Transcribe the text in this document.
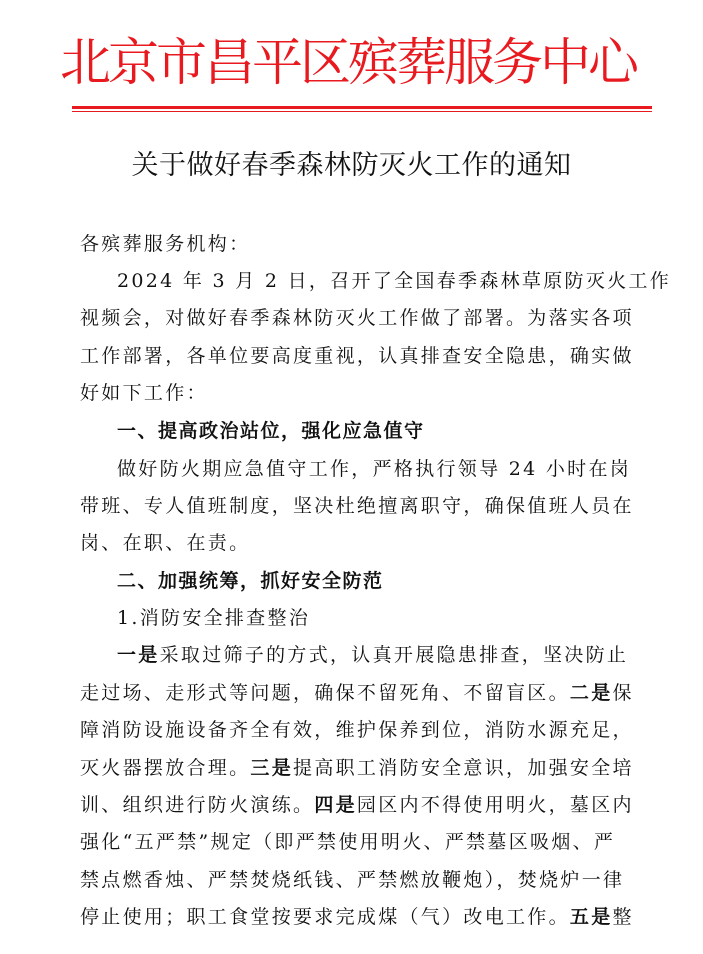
北京市昌平区殡葬服务中心
关于做好春季森林防灭火工作的通知
各殡葬服务机构：
2024 年 3 月 2 日，召开了全国春季森林草原防灭火工作
视频会，对做好春季森林防灭火工作做了部署。为落实各项
工作部署，各单位要高度重视，认真排查安全隐患，确实做
好如下工作：
一、提高政治站位，强化应急值守
做好防火期应急值守工作，严格执行领导 24 小时在岗
带班、专人值班制度，坚决杜绝擅离职守，确保值班人员在
岗、在职、在责。
二、加强统筹，抓好安全防范
1.消防安全排查整治
一是采取过筛子的方式，认真开展隐患排查，坚决防止
走过场、走形式等问题，确保不留死角、不留盲区。二是保
障消防设施设备齐全有效，维护保养到位，消防水源充足，
灭火器摆放合理。三是提高职工消防安全意识，加强安全培
训、组织进行防火演练。四是园区内不得使用明火，墓区内
强化“五严禁”规定（即严禁使用明火、严禁墓区吸烟、严
禁点燃香烛、严禁焚烧纸钱、严禁燃放鞭炮），焚烧炉一律
停止使用；职工食堂按要求完成煤（气）改电工作。五是整
